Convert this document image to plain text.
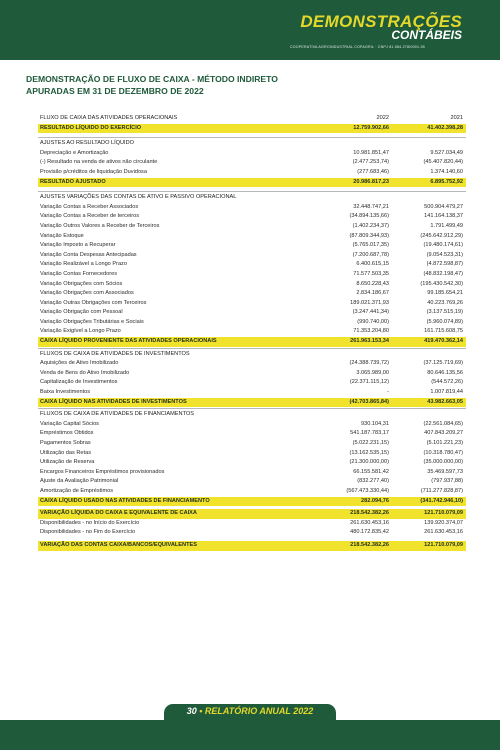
DEMONSTRAÇÕES
CONTÁBEIS
COOPERATIVA AGROINDUSTRIAL COPAGRIL · CNPJ 81.584.278/0001-55
DEMONSTRAÇÃO DE FLUXO DE CAIXA - MÉTODO INDIRETO
APURADAS EM 31 DE DEZEMBRO DE 2022
FLUXO DE CAIXA DAS ATIVIDADES OPERACIONAIS	2022	2021
RESULTADO LÍQUIDO DO EXERCÍCIO	12.759.902,66	41.402.398,28
AJUSTES AO RESULTADO LÍQUIDO
Depreciação e Amortização	10.981.851,47	9.527.034,49
(-) Resultado na venda de ativos não circulante	(2.477.253,74)	(45.407.820,44)
Provisão p/créditos de liquidação Duvidosa	(277.683,46)	1.374.140,60
RESULTADO AJUSTADO	20.986.817,23	6.895.752,92
AJUSTES VARIAÇÕES DAS CONTAS DE ATIVO E PASSIVO OPERACIONAL
Variação Contas a Receber Associados	32.448.747,21	500.904.479,27
Variação Contas a Receber de terceiros	(34.894.135,66)	141.164.138,37
Variação Outros Valores a Receber de Terceiros	(1.402.234,37)	1.791.499,49
Variação Estoque	(87.809.344,93)	(245.642.912,29)
Variação Imposto a Recuperar	(5.765.017,35)	(19.480.174,61)
Variação Conta Despesas Antecipadas	(7.200.687,78)	(9.054.523,31)
Variação Realizável a Longo Prazo	6.400.615,15	(4.872.598,87)
Variação Contas Fornecedores	71.577.503,35	(48.832.198,47)
Variação Obrigações com Sócios	8.650.228,43	(195.430.542,30)
Variação Obrigações com Associados	2.834.186,67	99.185.654,21
Variação Outras Obrigações com Terceiros	189.021.371,93	40.223.769,26
Variação Obrigação com Pessoal	(3.247.441,34)	(3.137.515,19)
Variação Obrigações Tributárias e Sociais	(990.740,00)	(5.960.074,89)
Variação Exigível a Longo Prazo	71.353.204,80	161.715.608,75
CAIXA LÍQUIDO PROVENIENTE DAS ATIVIDADES OPERACIONAIS	261.963.153,34	419.470.362,14
FLUXOS DE CAIXA DE ATIVIDADES DE INVESTIMENTOS
Aquisições de Ativo Imobilizado	(24.388.739,72)	(37.125.719,69)
Venda de Bens do Ativo Imobilizado	3.065.989,00	80.646.135,56
Capitalização de Investimentos	(22.371.115,12)	(544.572,26)
Baixa Investimentos	-	1.007.819,44
CAIXA LÍQUIDO NAS ATIVIDADES DE INVESTIMENTOS	(42.703.865,84)	43.982.663,05
FLUXOS DE CAIXA DE ATIVIDADES DE FINANCIAMENTOS
Variação Capital Sócios	930.104,31	(22.561.084,65)
Empréstimos Obtidos	541.187.783,17	407.843.209,27
Pagamentos Sobras	(5.022.231,15)	(5.101.221,23)
Utilização das Retas	(13.162.535,15)	(10.318.780,47)
Utilização de Reserva	(21.300.000,00)	(35.000.000,00)
Encargos Financeiros Empréstimos provisionados	66.155.581,42	35.469.597,73
Ajuste da Avaliação Patrimonial	(832.277,40)	(797.937,88)
Amortização de Empréstimos	(567.473.330,44)	(711.277.828,87)
CAIXA LÍQUIDO USADO NAS ATIVIDADES DE FINANCIAMENTO	282.094,76	(341.742.946,10)
VARIAÇÃO LÍQUIDA DO CAIXA E EQUIVALENTE DE CAIXA	218.542.382,26	121.710.079,09
Disponibilidades - no Início do Exercício	261.630.453,16	139.920.374,07
Disponibilidades - no Fim do Exercício	480.172.835,42	261.630.453,16
VARIAÇÃO DAS CONTAS CAIXA/BANCOS/EQUIVALENTES	218.542.382,26	121.710.079,09
30 • RELATÓRIO ANUAL 2022
